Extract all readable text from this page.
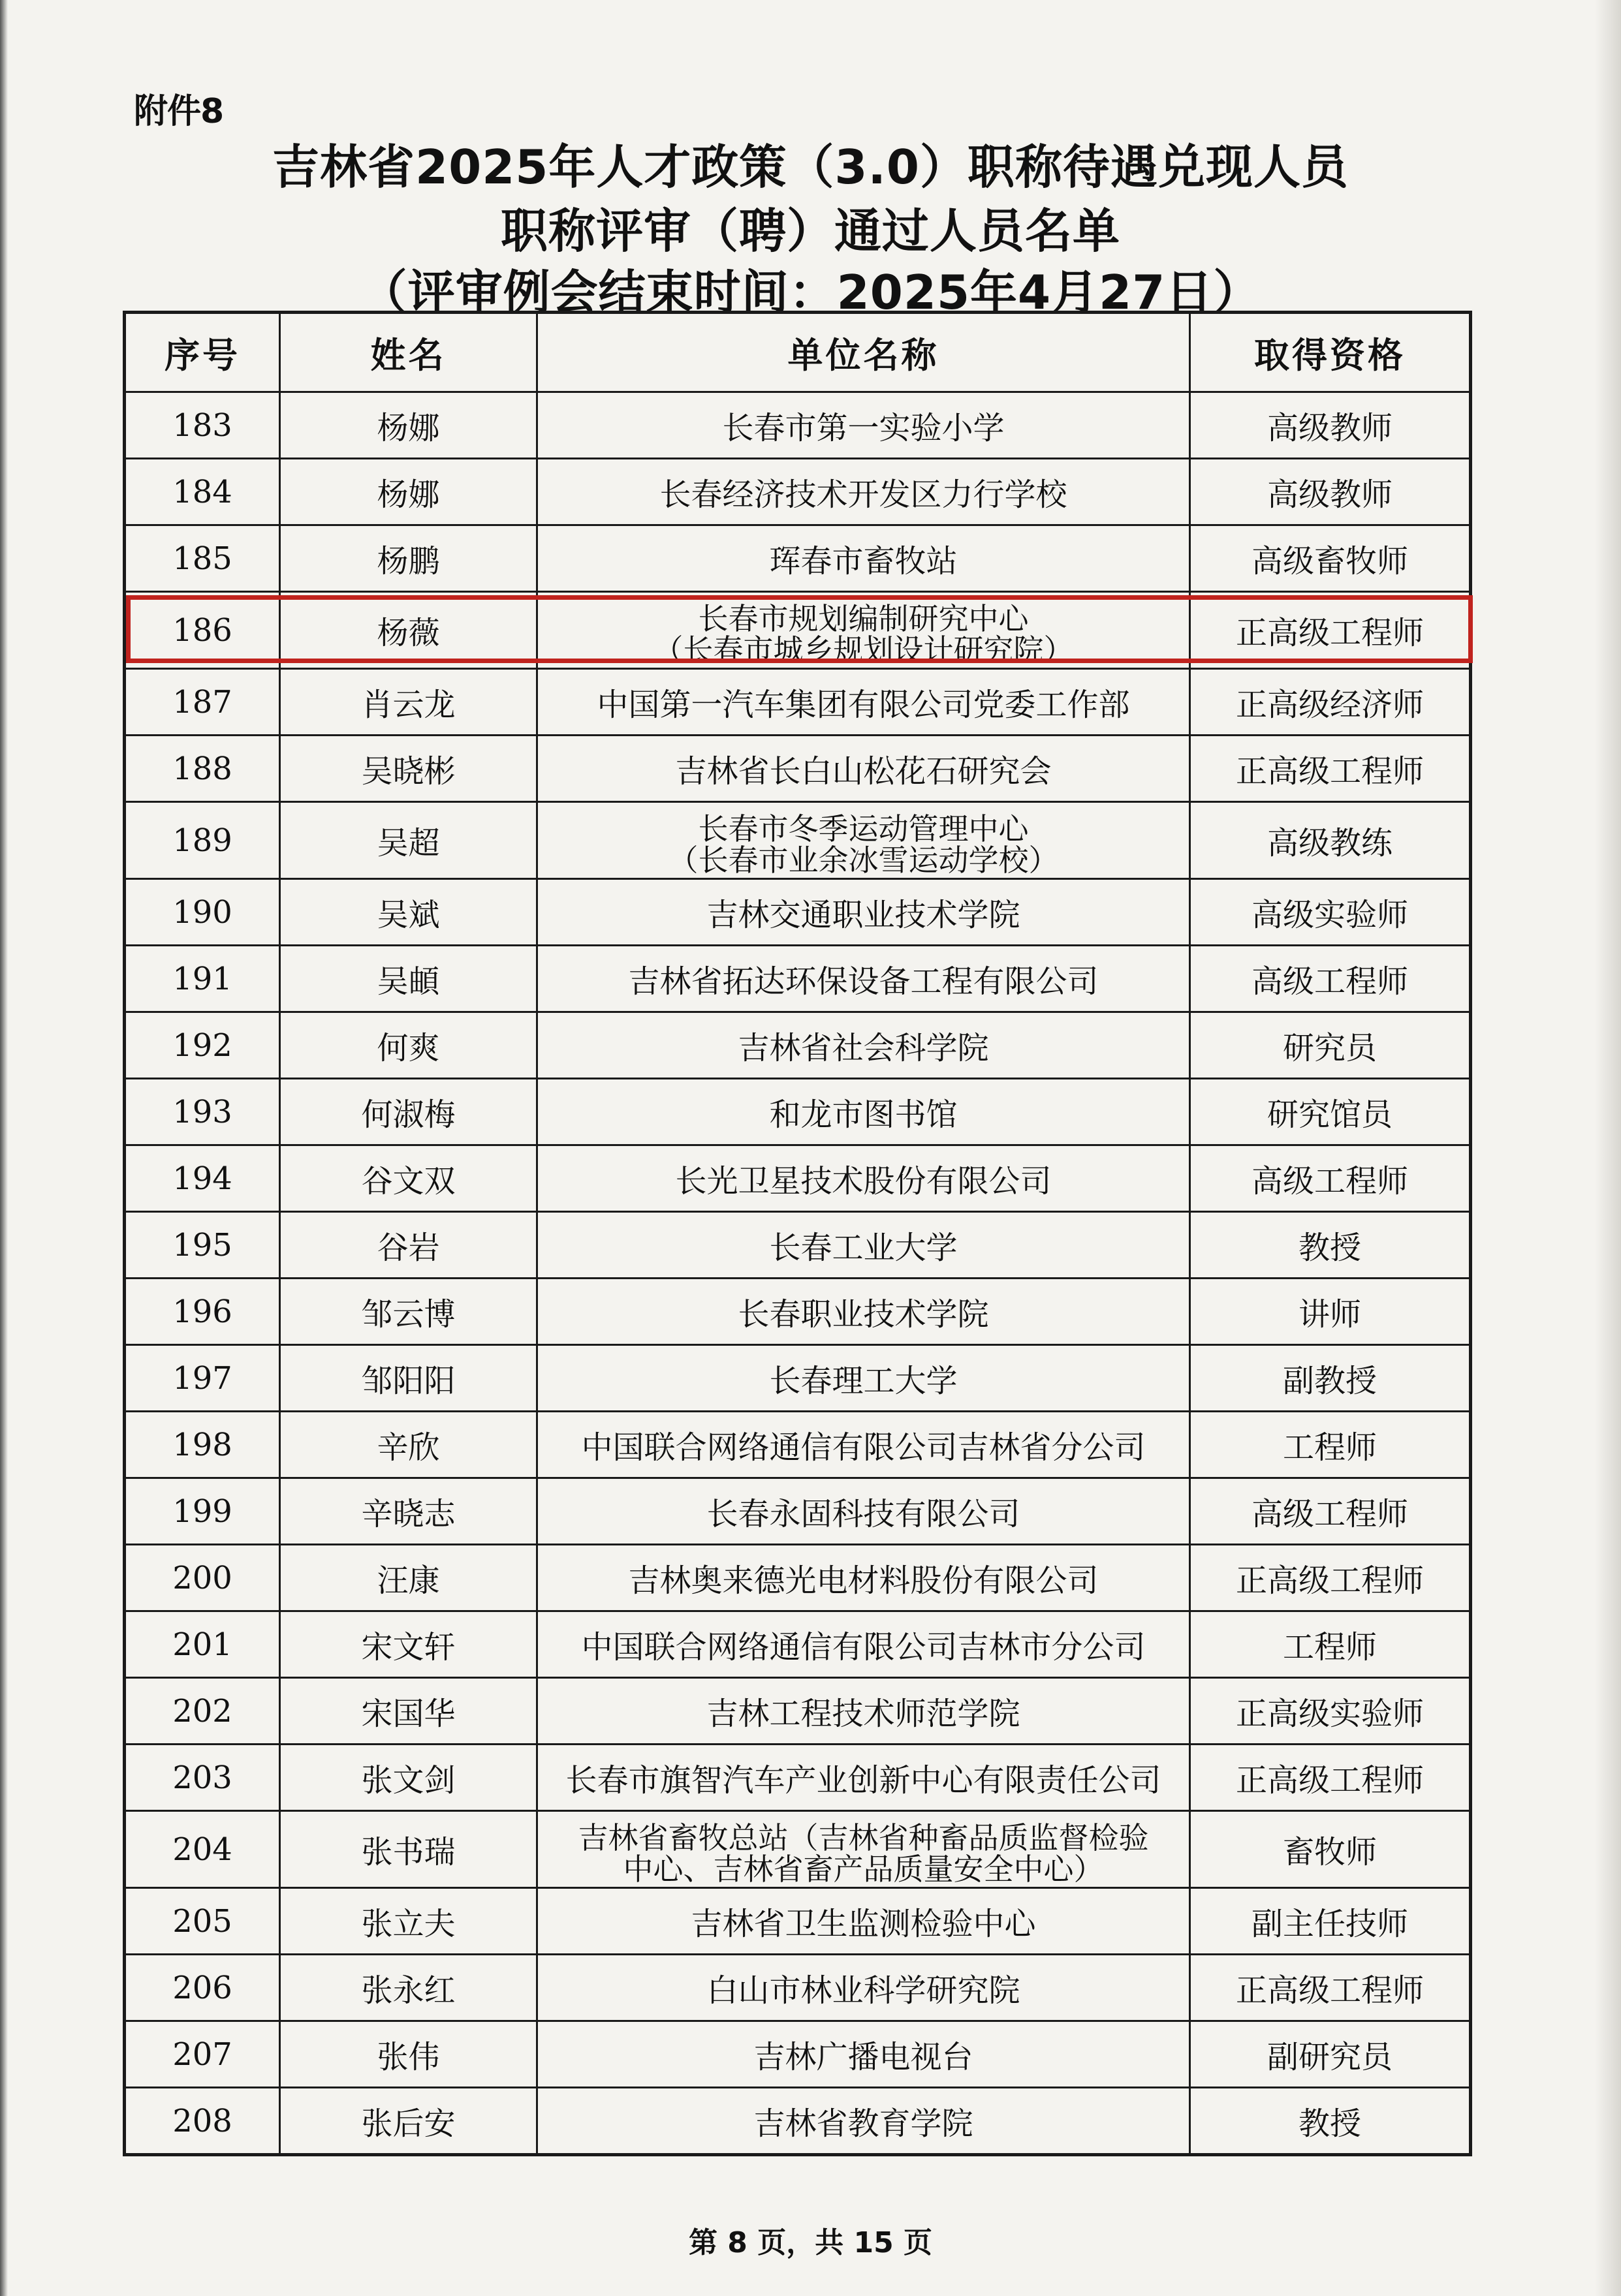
附件8
吉林省2025年人才政策（3.0）职称待遇兑现人员
职称评审（聘）通过人员名单
（评审例会结束时间：2025年4月27日）
序号	姓名	单位名称	取得资格
183	杨娜	长春市第一实验小学	高级教师
184	杨娜	长春经济技术开发区力行学校	高级教师
185	杨鹏	珲春市畜牧站	高级畜牧师
186	杨薇	长春市规划编制研究中心
（长春市城乡规划设计研究院）	正高级工程师
187	肖云龙	中国第一汽车集团有限公司党委工作部	正高级经济师
188	吴晓彬	吉林省长白山松花石研究会	正高级工程师
189	吴超	长春市冬季运动管理中心
（长春市业余冰雪运动学校）	高级教练
190	吴斌	吉林交通职业技术学院	高级实验师
191	吴頔	吉林省拓达环保设备工程有限公司	高级工程师
192	何爽	吉林省社会科学院	研究员
193	何淑梅	和龙市图书馆	研究馆员
194	谷文双	长光卫星技术股份有限公司	高级工程师
195	谷岩	长春工业大学	教授
196	邹云博	长春职业技术学院	讲师
197	邹阳阳	长春理工大学	副教授
198	辛欣	中国联合网络通信有限公司吉林省分公司	工程师
199	辛晓志	长春永固科技有限公司	高级工程师
200	汪康	吉林奥来德光电材料股份有限公司	正高级工程师
201	宋文轩	中国联合网络通信有限公司吉林市分公司	工程师
202	宋国华	吉林工程技术师范学院	正高级实验师
203	张文剑	长春市旗智汽车产业创新中心有限责任公司	正高级工程师
204	张书瑞	吉林省畜牧总站（吉林省种畜品质监督检验
中心、吉林省畜产品质量安全中心）	畜牧师
205	张立夫	吉林省卫生监测检验中心	副主任技师
206	张永红	白山市林业科学研究院	正高级工程师
207	张伟	吉林广播电视台	副研究员
208	张后安	吉林省教育学院	教授
第 8 页，共 15 页
